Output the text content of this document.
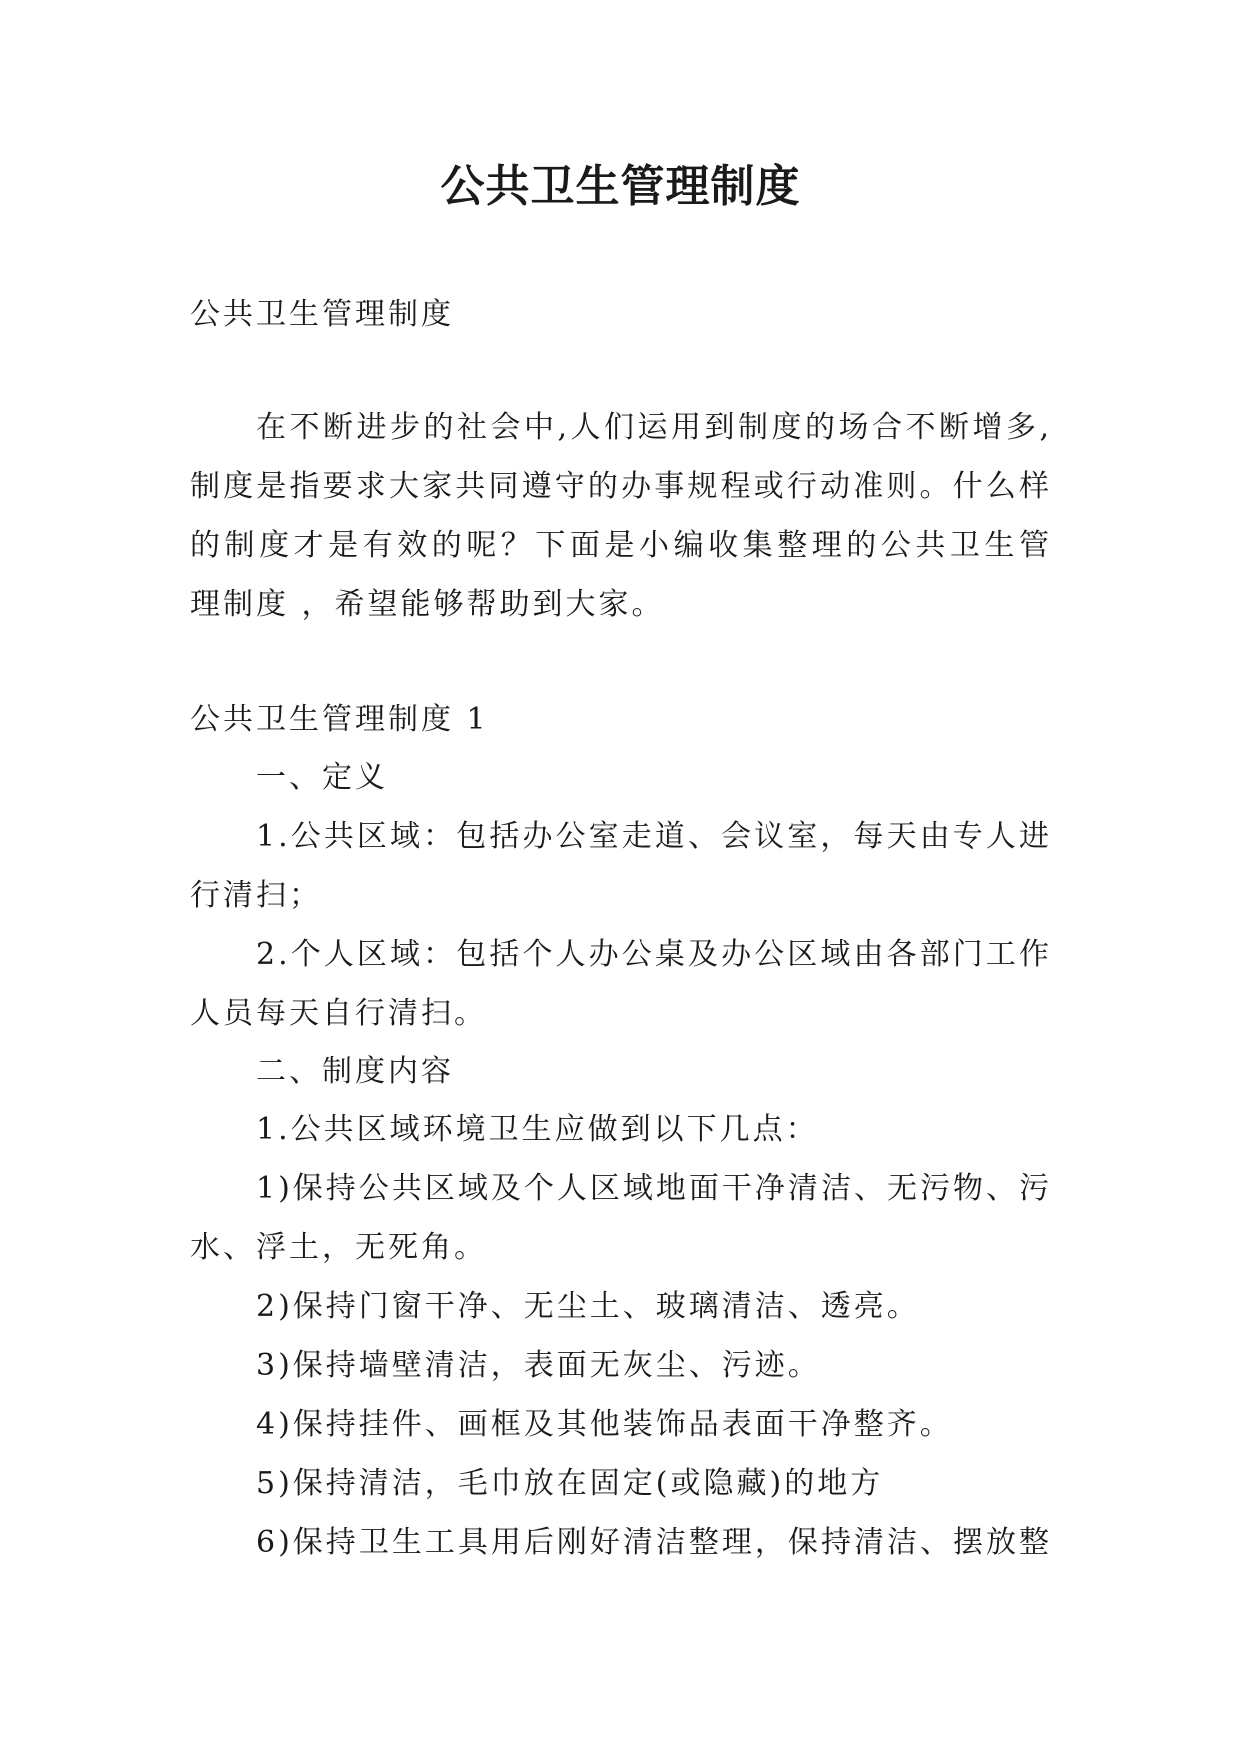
公共卫生管理制度

公共卫生管理制度

在不断进步的社会中,人们运用到制度的场合不断增多,

制度是指要求大家共同遵守的办事规程或行动准则。什么样

的制度才是有效的呢？下面是小编收集整理的公共卫生管

理制度 ，希望能够帮助到大家。

公共卫生管理制度 1

一、定义

1.公共区域：包括办公室走道、会议室，每天由专人进

行清扫；

2.个人区域：包括个人办公桌及办公区域由各部门工作

人员每天自行清扫。

二、制度内容

1.公共区域环境卫生应做到以下几点：

1)保持公共区域及个人区域地面干净清洁、无污物、污

水、浮土，无死角。

2)保持门窗干净、无尘土、玻璃清洁、透亮。

3)保持墙壁清洁，表面无灰尘、污迹。

4)保持挂件、画框及其他装饰品表面干净整齐。

5)保持清洁，毛巾放在固定(或隐藏)的地方

6)保持卫生工具用后刚好清洁整理，保持清洁、摆放整
